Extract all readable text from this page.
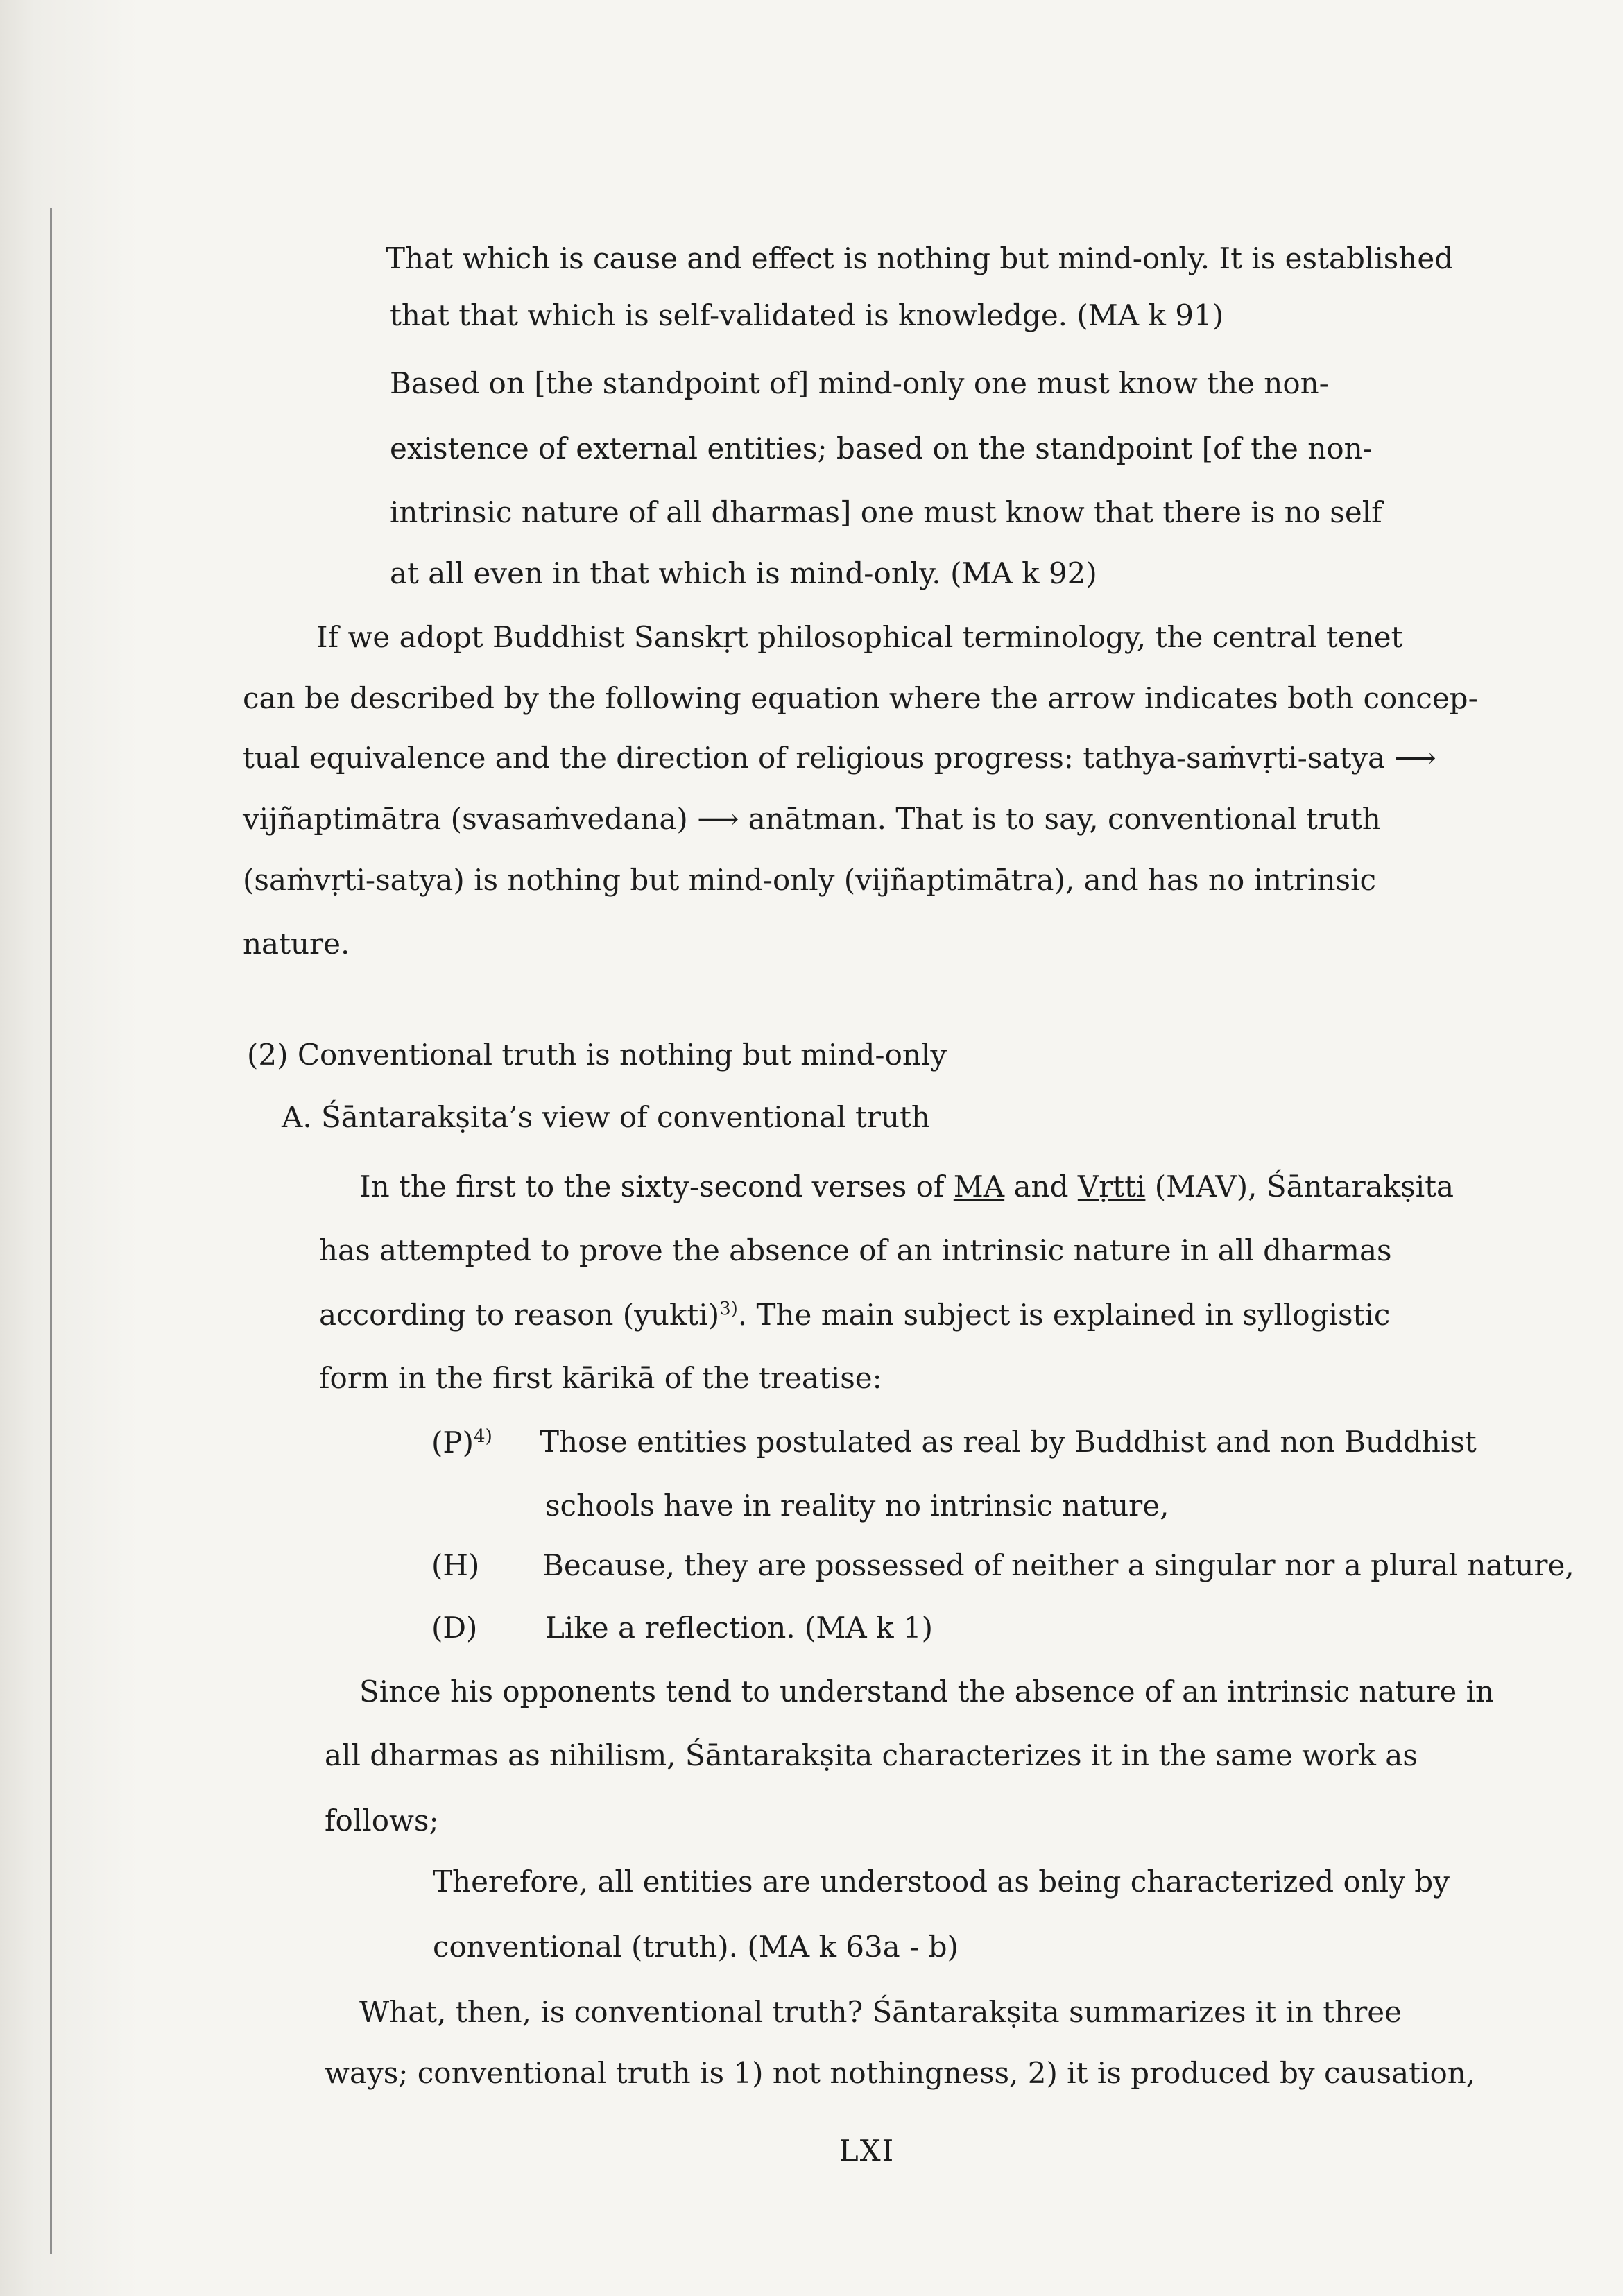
That which is cause and effect is nothing but mind-only. It is established
that that which is self-validated is knowledge. (MA k 91)
Based on [the standpoint of] mind-only one must know the non-
existence of external entities; based on the standpoint [of the non-
intrinsic nature of all dharmas] one must know that there is no self
at all even in that which is mind-only. (MA k 92)
If we adopt Buddhist Sanskṛt philosophical terminology, the central tenet
can be described by the following equation where the arrow indicates both concep-
tual equivalence and the direction of religious progress: tathya-saṁvṛti-satya ⟶
vijñaptimātra (svasaṁvedana) ⟶ anātman. That is to say, conventional truth
(saṁvṛti-satya) is nothing but mind-only (vijñaptimātra), and has no intrinsic
nature.
(2) Conventional truth is nothing but mind-only
A. Śāntarakṣita’s view of conventional truth
In the first to the sixty-second verses of MA and Vṛtti (MAV), Śāntarakṣita
has attempted to prove the absence of an intrinsic nature in all dharmas
according to reason (yukti)$^{3)}$. The main subject is explained in syllogistic
form in the first kārikā of the treatise:
$(P)^{4)}$ Those entities postulated as real by Buddhist and non Buddhist
schools have in reality no intrinsic nature,
(H) Because, they are possessed of neither a singular nor a plural nature,
(D) Like a reflection. (MA k 1)
Since his opponents tend to understand the absence of an intrinsic nature in
all dharmas as nihilism, Śāntarakṣita characterizes it in the same work as
follows;
Therefore, all entities are understood as being characterized only by
conventional (truth). (MA k 63a - b)
What, then, is conventional truth? Śāntarakṣita summarizes it in three
ways; conventional truth is 1) not nothingness, 2) it is produced by causation,
LXI
